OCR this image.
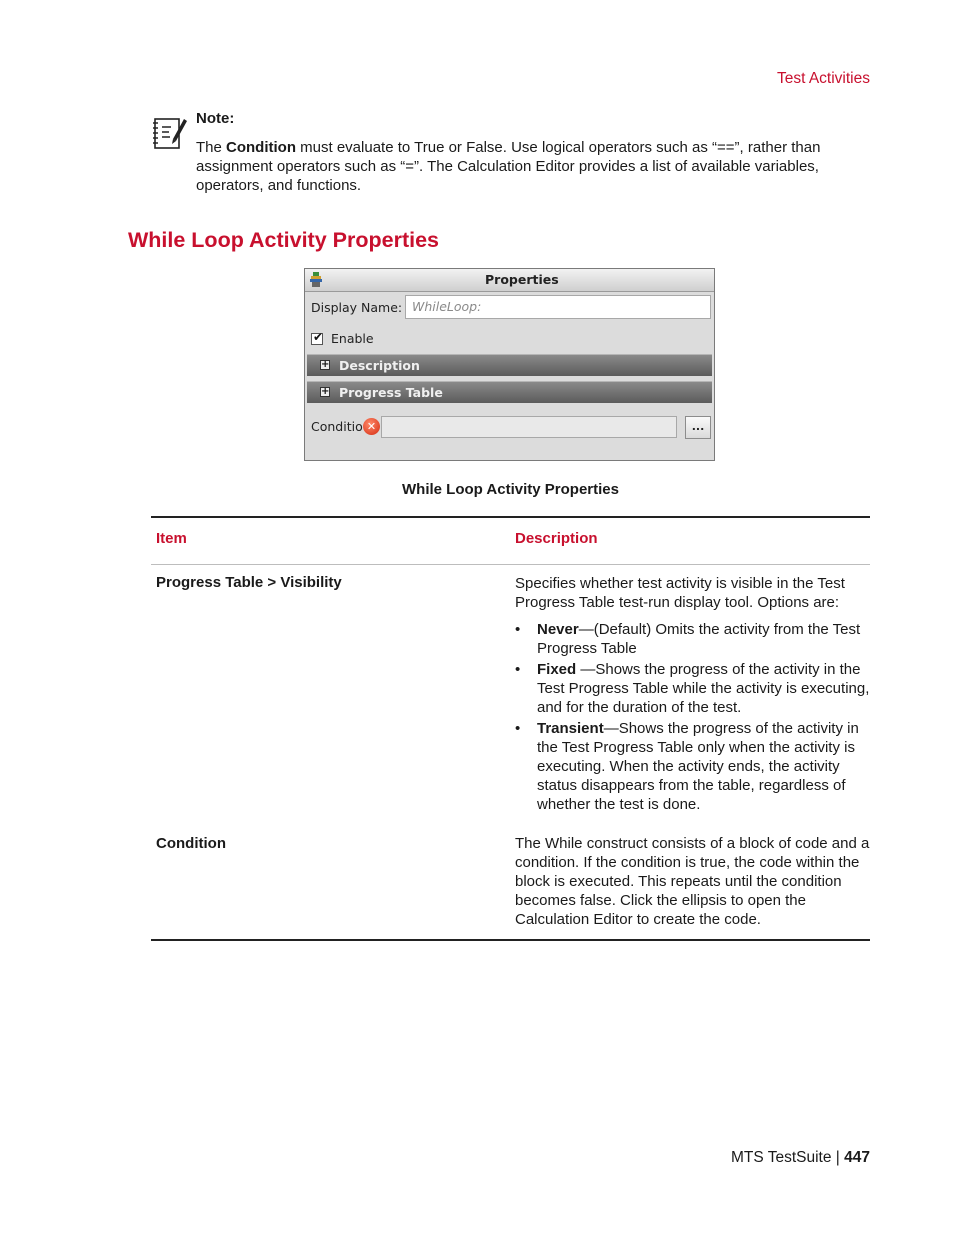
Test Activities
Note:
The Condition must evaluate to True or False. Use logical operators such as “==”, rather than assignment operators such as “=”. The Calculation Editor provides a list of available variables, operators, and functions.
While Loop Activity Properties
Properties
Display Name: WhileLoop:
✔ Enable
+ Description
+ Progress Table
Conditio ✕	...
While Loop Activity Properties
Item	Description
Progress Table > Visibility	Specifies whether test activity is visible in the Test Progress Table test-run display tool. Options are:
• Never—(Default) Omits the activity from the Test Progress Table
• Fixed —Shows the progress of the activity in the Test Progress Table while the activity is executing, and for the duration of the test.
• Transient—Shows the progress of the activity in the Test Progress Table only when the activity is executing. When the activity ends, the activity status disappears from the table, regardless of whether the test is done.
Condition	The While construct consists of a block of code and a condition. If the condition is true, the code within the block is executed. This repeats until the condition becomes false. Click the ellipsis to open the Calculation Editor to create the code.
MTS TestSuite | 447
